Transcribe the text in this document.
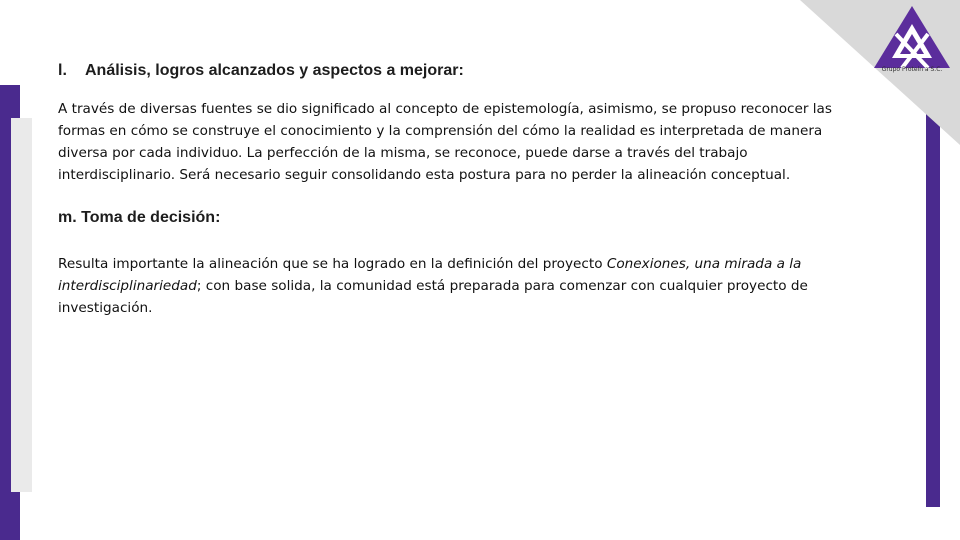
Grupo Proteín a S.C.
l. Análisis, logros alcanzados y aspectos a mejorar:

A través de diversas fuentes se dio significado al concepto de epistemología, asimismo, se propuso reconocer las formas en cómo se construye el conocimiento y la comprensión del cómo la realidad es interpretada de manera diversa por cada individuo. La perfección de la misma, se reconoce, puede darse a través del trabajo interdisciplinario. Será necesario seguir consolidando esta postura para no perder la alineación conceptual.

m. Toma de decisión:

Resulta importante la alineación que se ha logrado en la definición del proyecto Conexiones, una mirada a la interdisciplinariedad; con base solida, la comunidad está preparada para comenzar con cualquier proyecto de investigación.
